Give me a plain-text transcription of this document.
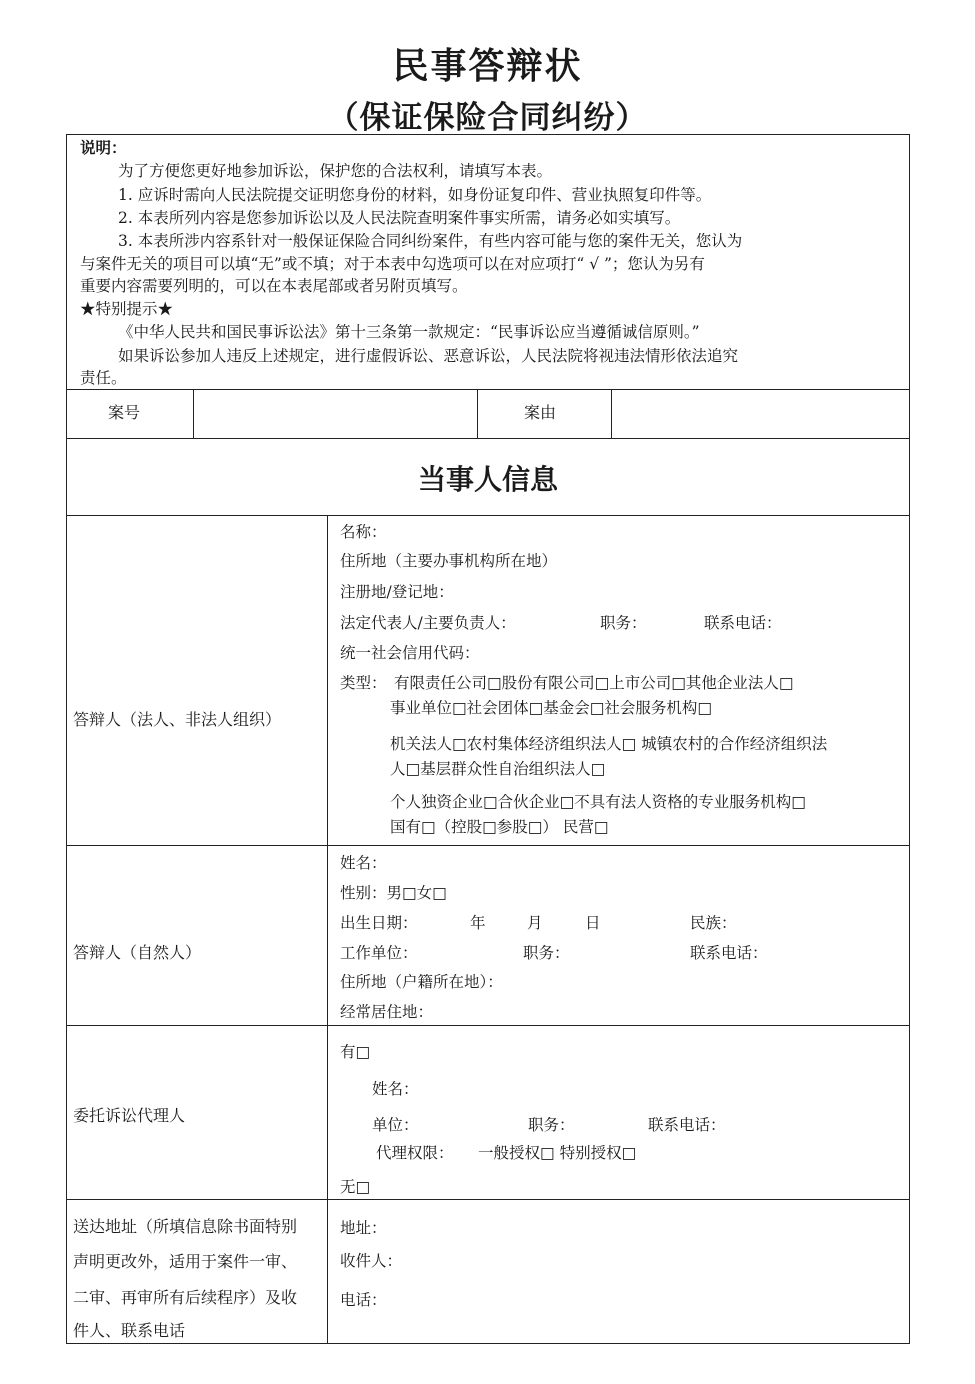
民事答辩状
（保证保险合同纠纷）
说明：
为了方便您更好地参加诉讼，保护您的合法权利，请填写本表。
1. 应诉时需向人民法院提交证明您身份的材料，如身份证复印件、营业执照复印件等。
2. 本表所列内容是您参加诉讼以及人民法院查明案件事实所需，请务必如实填写。
3. 本表所涉内容系针对一般保证保险合同纠纷案件，有些内容可能与您的案件无关，您认为
与案件无关的项目可以填“无”或不填；对于本表中勾选项可以在对应项打“ √ ”；您认为另有
重要内容需要列明的，可以在本表尾部或者另附页填写。
★特别提示★
《中华人民共和国民事诉讼法》第十三条第一款规定：“民事诉讼应当遵循诚信原则。”
如果诉讼参加人违反上述规定，进行虚假诉讼、恶意诉讼，人民法院将视违法情形依法追究
责任。
案号	案由
当事人信息
答辩人（法人、非法人组织）
名称：
住所地（主要办事机构所在地）
注册地/登记地：
法定代表人/主要负责人：	职务：	联系电话：
统一社会信用代码：
类型： 有限责任公司□股份有限公司□上市公司□其他企业法人□
事业单位□社会团体□基金会□社会服务机构□
机关法人□农村集体经济组织法人□ 城镇农村的合作经济组织法
人□基层群众性自治组织法人□
个人独资企业□合伙企业□不具有法人资格的专业服务机构□
国有□（控股□参股□） 民营□
答辩人（自然人）
姓名：
性别：男□女□
出生日期：	年	月	日	民族：
工作单位：	职务：	联系电话：
住所地（户籍所在地）：
经常居住地：
委托诉讼代理人
有□
姓名：
单位：	职务：	联系电话：
代理权限： 一般授权□ 特别授权□
无□
送达地址（所填信息除书面特别
声明更改外，适用于案件一审、
二审、再审所有后续程序）及收
件人、联系电话
地址：
收件人：
电话：
